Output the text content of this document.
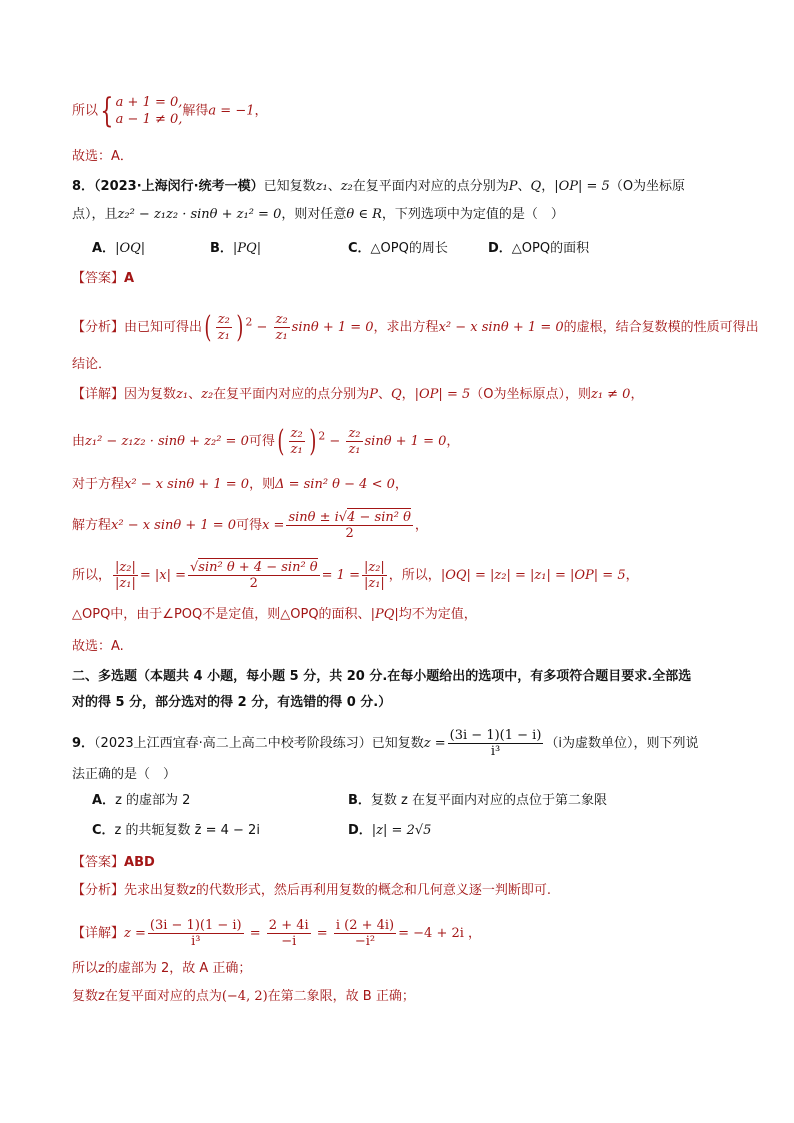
所以{ a + 1 = 0,
a − 1 ≠ 0,
解得a = −1，
故选：A．
8．（2023·上海闵行·统考一模）已知复数z₁、z₂在复平面内对应的点分别为P、Q，|OP| = 5（O为坐标原
点），且z₂² − z₁z₂ · sinθ + z₁² = 0，则对任意θ ∈ R，下列选项中为定值的是（　）
A．|OQ|	B．|PQ|	C．△OPQ的周长	D．△OPQ的面积
【答案】A
【分析】由已知可得出( $\frac{\text{z₂}}{\text{z₁}}$ ) $^2 - \frac{\text{z₂}}{\text{z₁}}$ sinθ + 1 = 0，求出方程x² − x sinθ + 1 = 0的虚根，结合复数模的性质可得出
结论．
【详解】因为复数z₁、z₂在复平面内对应的点分别为P、Q，|OP| = 5（O为坐标原点），则z₁ ≠ 0，
由z₁² − z₁z₂ · sinθ + z₂² = 0可得( $\frac{\text{z₂}}{\text{z₁}}$ ) $^2 - \frac{\text{z₂}}{\text{z₁}}$ sinθ + 1 = 0，
对于方程x² − x sinθ + 1 = 0，则Δ = sin² θ − 4 < 0，
解方程x² − x sinθ + 1 = 0可得$x = \frac{\text{sinθ ± i√4 − sin² θ}}{2}$ ，
所以， $\frac{\text{|z₂|}}{\text{|z₁|}} = |x| = \frac{\text{√sin² θ + 4 − sin² θ}}{2} = 1 = \frac{\text{|z₂|}}{\text{|z₁|}}$ ，所以，|OQ| = |z₂| = |z₁| = |OP| = 5，
△OPQ中，由于∠POQ不是定值，则△OPQ的面积、|PQ|均不为定值，
故选：A.
二、多选题（本题共 4 小题，每小题 5 分，共 20 分.在每小题给出的选项中，有多项符合题目要求.全部选
对的得 5 分，部分选对的得 2 分，有选错的得 0 分.）
9．（2023上江西宜春·高二上高二中校考阶段练习）已知复数$z = \frac{(3i - 1)(1 - i)}{\text{i³}} (i$为虚数单位），则下列说
法正确的是（　）
A．z 的虚部为 2	B．复数 z 在复平面内对应的点位于第二象限
C．z 的共轭复数 z̄ = 4 − 2i	D．|z| = 2√5
【答案】ABD
【分析】先求出复数z的代数形式，然后再利用复数的概念和几何意义逐一判断即可.
【详解】$z = \frac{(3i - 1)(1 - i)}{\text{i³}} = \frac{2 + 4i}{-i} = \frac{i (2 + 4i)}{\text{−i²}} = -4 + 2i$ ，
所以z的虚部为 2，故 A 正确；
复数z在复平面对应的点为(−4, 2)在第二象限，故 B 正确；
